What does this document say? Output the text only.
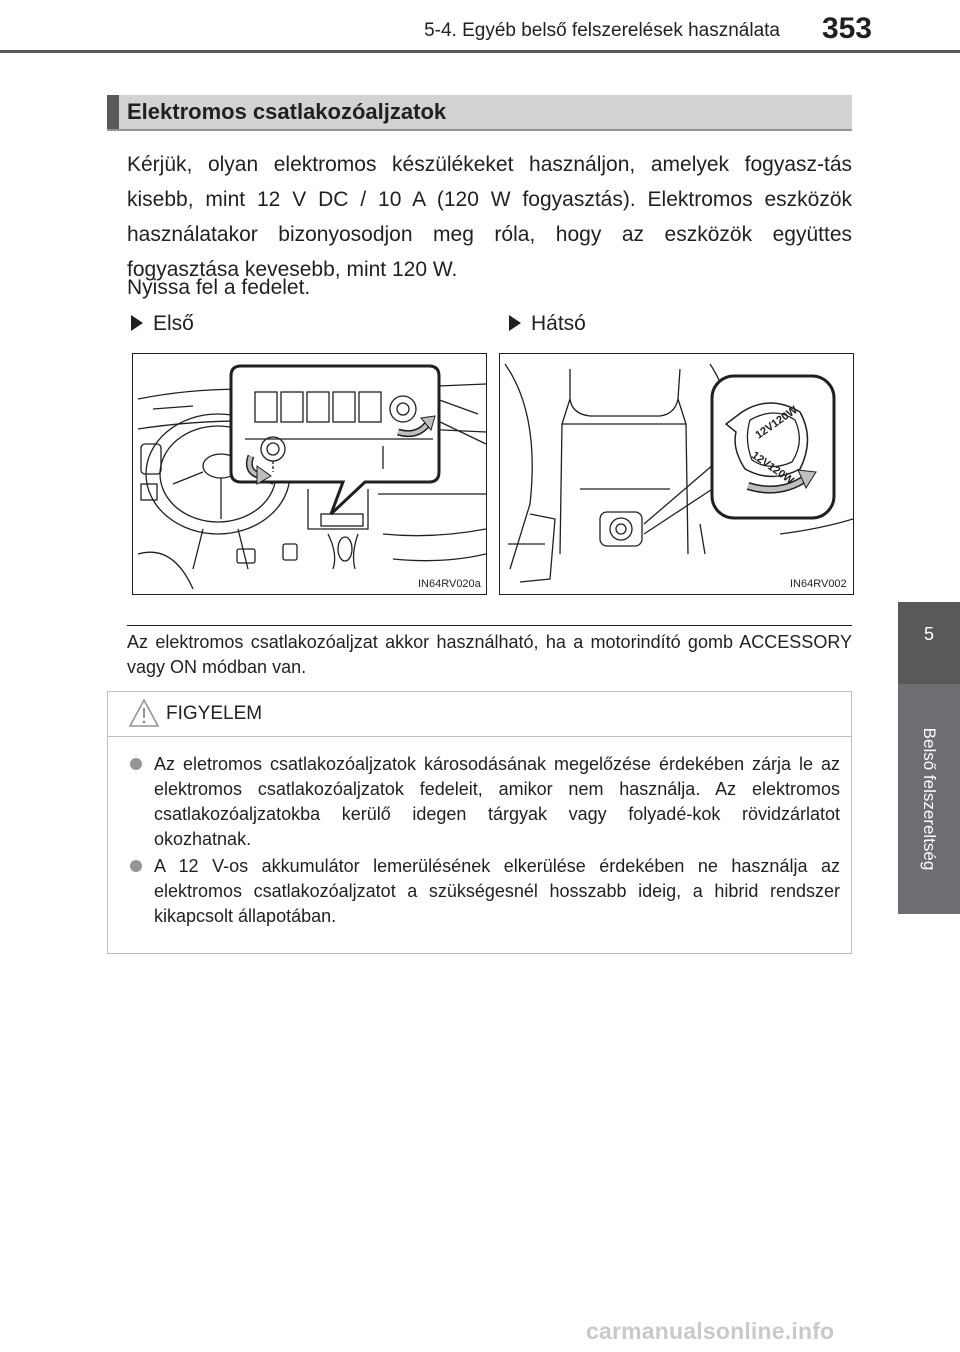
5-4. Egyéb belső felszerelések használata	353
5
Belső felszereltség
Elektromos csatlakozóaljzatok
Kérjük, olyan elektromos készülékeket használjon, amelyek fogyasz-tás kisebb, mint 12 V DC / 10 A (120 W fogyasztás). Elektromos eszközök használatakor bizonyosodjon meg róla, hogy az eszközök együttes fogyasztása kevesebb, mint 120 W.
Nyissa fel a fedelet.
Első	Hátsó
IN64RV020a
12V120W
12V120W
IN64RV002
Az elektromos csatlakozóaljzat akkor használható, ha a motorindító gomb ACCESSORY vagy ON módban van.
FIGYELEM
Az eletromos csatlakozóaljzatok károsodásának megelőzése érdekében zárja le az elektromos csatlakozóaljzatok fedeleit, amikor nem használja. Az elektromos csatlakozóaljzatokba kerülő idegen tárgyak vagy folyadé-kok rövidzárlatot okozhatnak.
A 12 V-os akkumulátor lemerülésének elkerülése érdekében ne használja az elektromos csatlakozóaljzatot a szükségesnél hosszabb ideig, a hibrid rendszer kikapcsolt állapotában.
carmanualsonline.info
